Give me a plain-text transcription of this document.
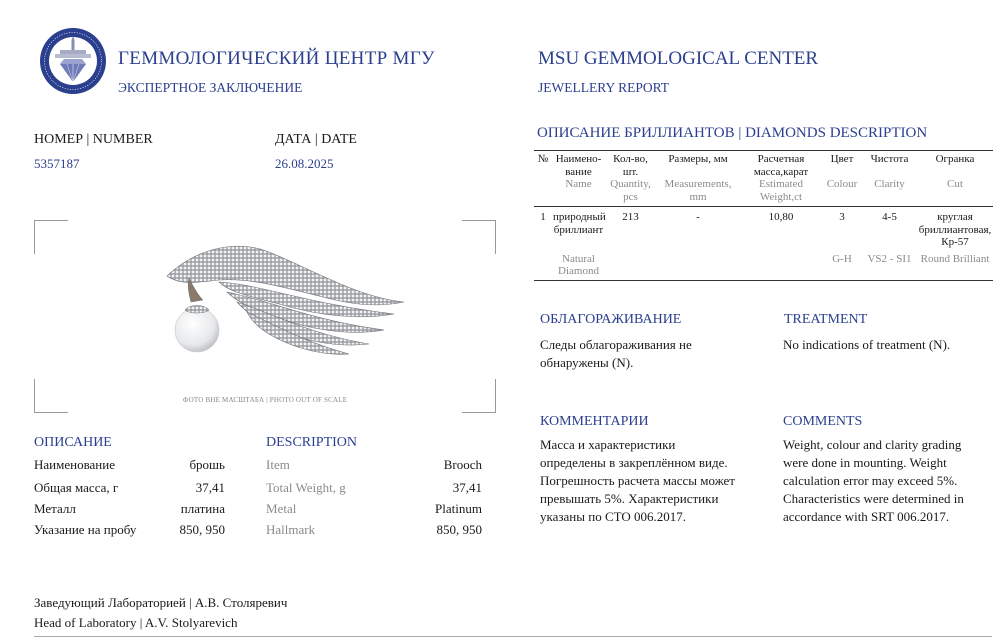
ГЕММОЛОГИЧЕСКИЙ ЦЕНТР МГУ
ЭКСПЕРТНОЕ ЗАКЛЮЧЕНИЕ
MSU GEMMOLOGICAL CENTER
JEWELLERY REPORT
НОМЕР | NUMBER
5357187
ДАТА | DATE
26.08.2025
ФОТО ВНЕ МАСШТАБА | PHOTO OUT OF SCALE
ОПИСАНИЕ
Наименование	брошь
Общая масса, г	37,41
Металл	платина
Указание на пробу	850, 950
DESCRIPTION
Item	Brooch
Total Weight, g	37,41
Metal	Platinum
Hallmark	850, 950
ОПИСАНИЕ БРИЛЛИАНТОВ | DIAMONDS DESCRIPTION
№	Наимено-вание	Кол-во, шт.	Размеры, мм	Расчетная масса,карат	Цвет	Чистота	Огранка
	Name	Quantity, pcs	Measurements, mm	Estimated Weight,ct	Colour	Clarity	Cut
1	природный бриллиант	213	-	10,80	3	4-5	круглая бриллиантовая, Кр-57
	Natural Diamond				G-H	VS2 - SI1	Round Brilliant
ОБЛАГОРАЖИВАНИЕ
Следы облагораживания не обнаружены (N).
TREATMENT
No indications of treatment (N).
КОММЕНТАРИИ
Масса и характеристики определены в закреплённом виде. Погрешность расчета массы может превышать 5%. Характеристики указаны по СТО 006.2017.
COMMENTS
Weight, colour and clarity grading were done in mounting. Weight calculation error may exceed 5%. Characteristics were determined in accordance with SRT 006.2017.
Заведующий Лабораторией | А.В. Столяревич
Head of Laboratory | A.V. Stolyarevich
